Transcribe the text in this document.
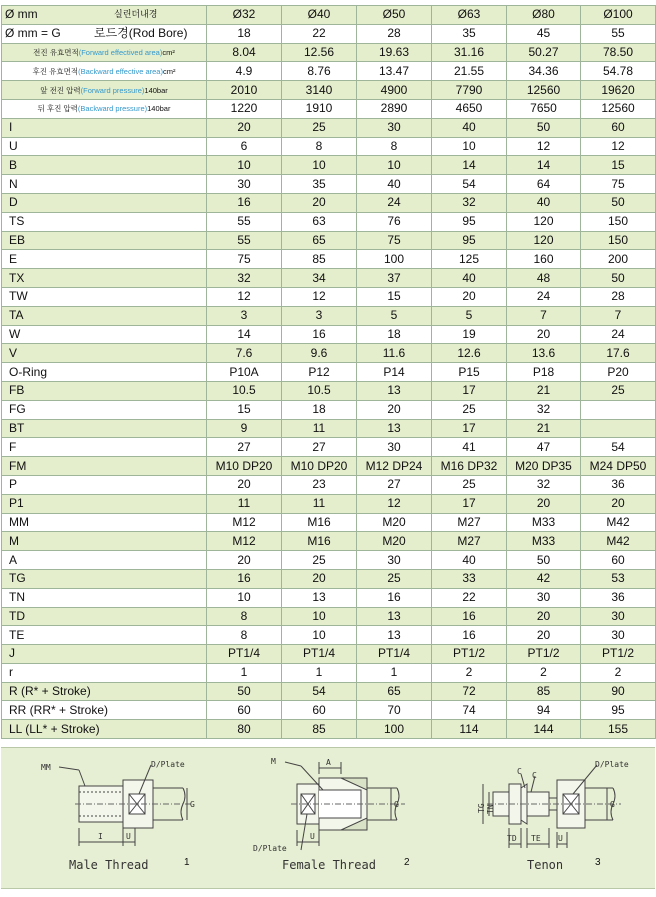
Ø mm 실린더내경	Ø32	Ø40	Ø50	Ø63	Ø80	Ø100

Ø mm = G 로드경(Rod Bore)	18	22	28	35	45	55

전진 유효면적 (Forward effectived area) cm²	8.04	12.56	19.63	31.16	50.27	78.50

후진 유효면적 (Backward effective area) cm²	4.9	8.76	13.47	21.55	34.36	54.78

앞 전진 압력 (Forward pressure) 140bar	2010	3140	4900	7790	12560	19620

뒤 후진 압력 (Backward pressure) 140bar	1220	1910	2890	4650	7650	12560
I	20	25	30	40	50	60
U	6	8	8	10	12	12
B	10	10	10	14	14	15
N	30	35	40	54	64	75
D	16	20	24	32	40	50
TS	55	63	76	95	120	150
EB	55	65	75	95	120	150
E	75	85	100	125	160	200
TX	32	34	37	40	48	50
TW	12	12	15	20	24	28
TA	3	3	5	5	7	7
W	14	16	18	19	20	24
V	7.6	9.6	11.6	12.6	13.6	17.6
O-Ring	P10A	P12	P14	P15	P18	P20
FB	10.5	10.5	13	17	21	25
FG	15	18	20	25	32	
BT	9	11	13	17	21	
F	27	27	30	41	47	54
FM	M10 DP20	M10 DP20	M12 DP24	M16 DP32	M20 DP35	M24 DP50
P	20	23	27	25	32	36
P1	11	11	12	17	20	20
MM	M12	M16	M20	M27	M33	M42
M	M12	M16	M20	M27	M33	M42
A	20	25	30	40	50	60
TG	16	20	25	33	42	53
TN	10	13	16	22	30	36
TD	8	10	13	16	20	30
TE	8	10	13	16	20	30
J	PT1/4	PT1/4	PT1/4	PT1/2	PT1/2	PT1/2
r	1	1	1	2	2	2
R (R* + Stroke)	50	54	65	72	85	90
RR (RR* + Stroke)	60	60	70	74	94	95
LL (LL* + Stroke)	80	85	100	114	144	155
MM	D/Plate
G
I	U
Male Thread	1
M	A
D/Plate
U
G
Female Thread	2
D/Plate
C C
TG TN	G
TD TE U
Tenon	3
